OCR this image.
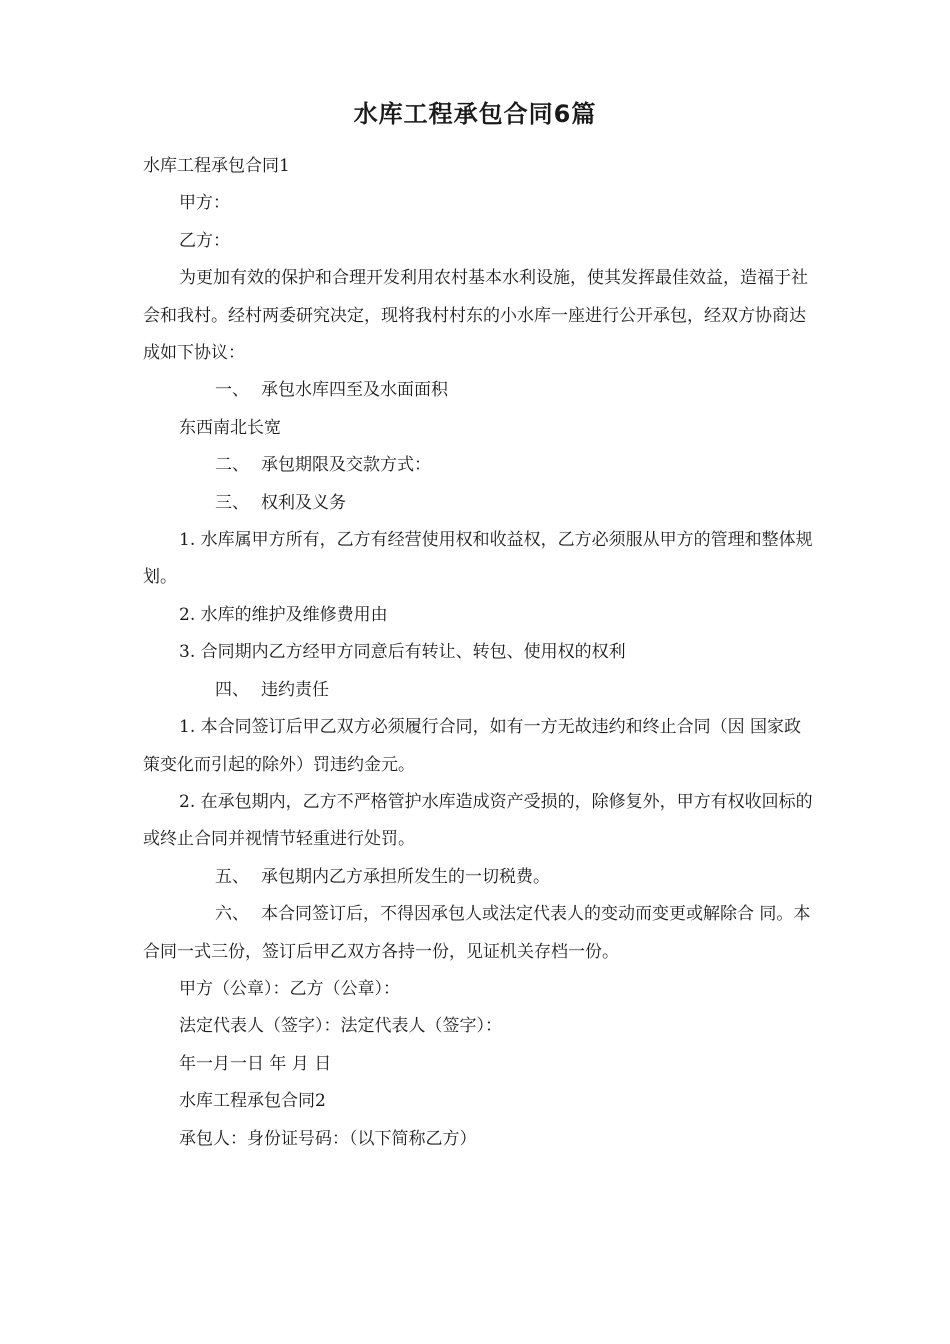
水库工程承包合同6篇

水库工程承包合同1

甲方：

乙方：

为更加有效的保护和合理开发利用农村基本水利设施，使其发挥最佳效益，造福于社会和我村。经村两委研究决定，现将我村村东的小水库一座进行公开承包，经双方协商达成如下协议：

一、 承包水库四至及水面面积

东西南北长宽

二、 承包期限及交款方式：

三、 权利及义务

1. 水库属甲方所有，乙方有经营使用权和收益权，乙方必须服从甲方的管理和整体规划。

2. 水库的维护及维修费用由

3. 合同期内乙方经甲方同意后有转让、转包、使用权的权利

四、 违约责任

1. 本合同签订后甲乙双方必须履行合同，如有一方无故违约和终止合同（因 国家政策变化而引起的除外）罚违约金元。

2. 在承包期内，乙方不严格管护水库造成资产受损的，除修复外，甲方有权收回标的或终止合同并视情节轻重进行处罚。

五、 承包期内乙方承担所发生的一切税费。

六、 本合同签订后，不得因承包人或法定代表人的变动而变更或解除合 同。本合同一式三份，签订后甲乙双方各持一份，见证机关存档一份。

甲方（公章）：乙方（公章）：

法定代表人（签字）：法定代表人（签字）：

年一月一日 年 月 日

水库工程承包合同2

承包人：身份证号码：（以下简称乙方）
